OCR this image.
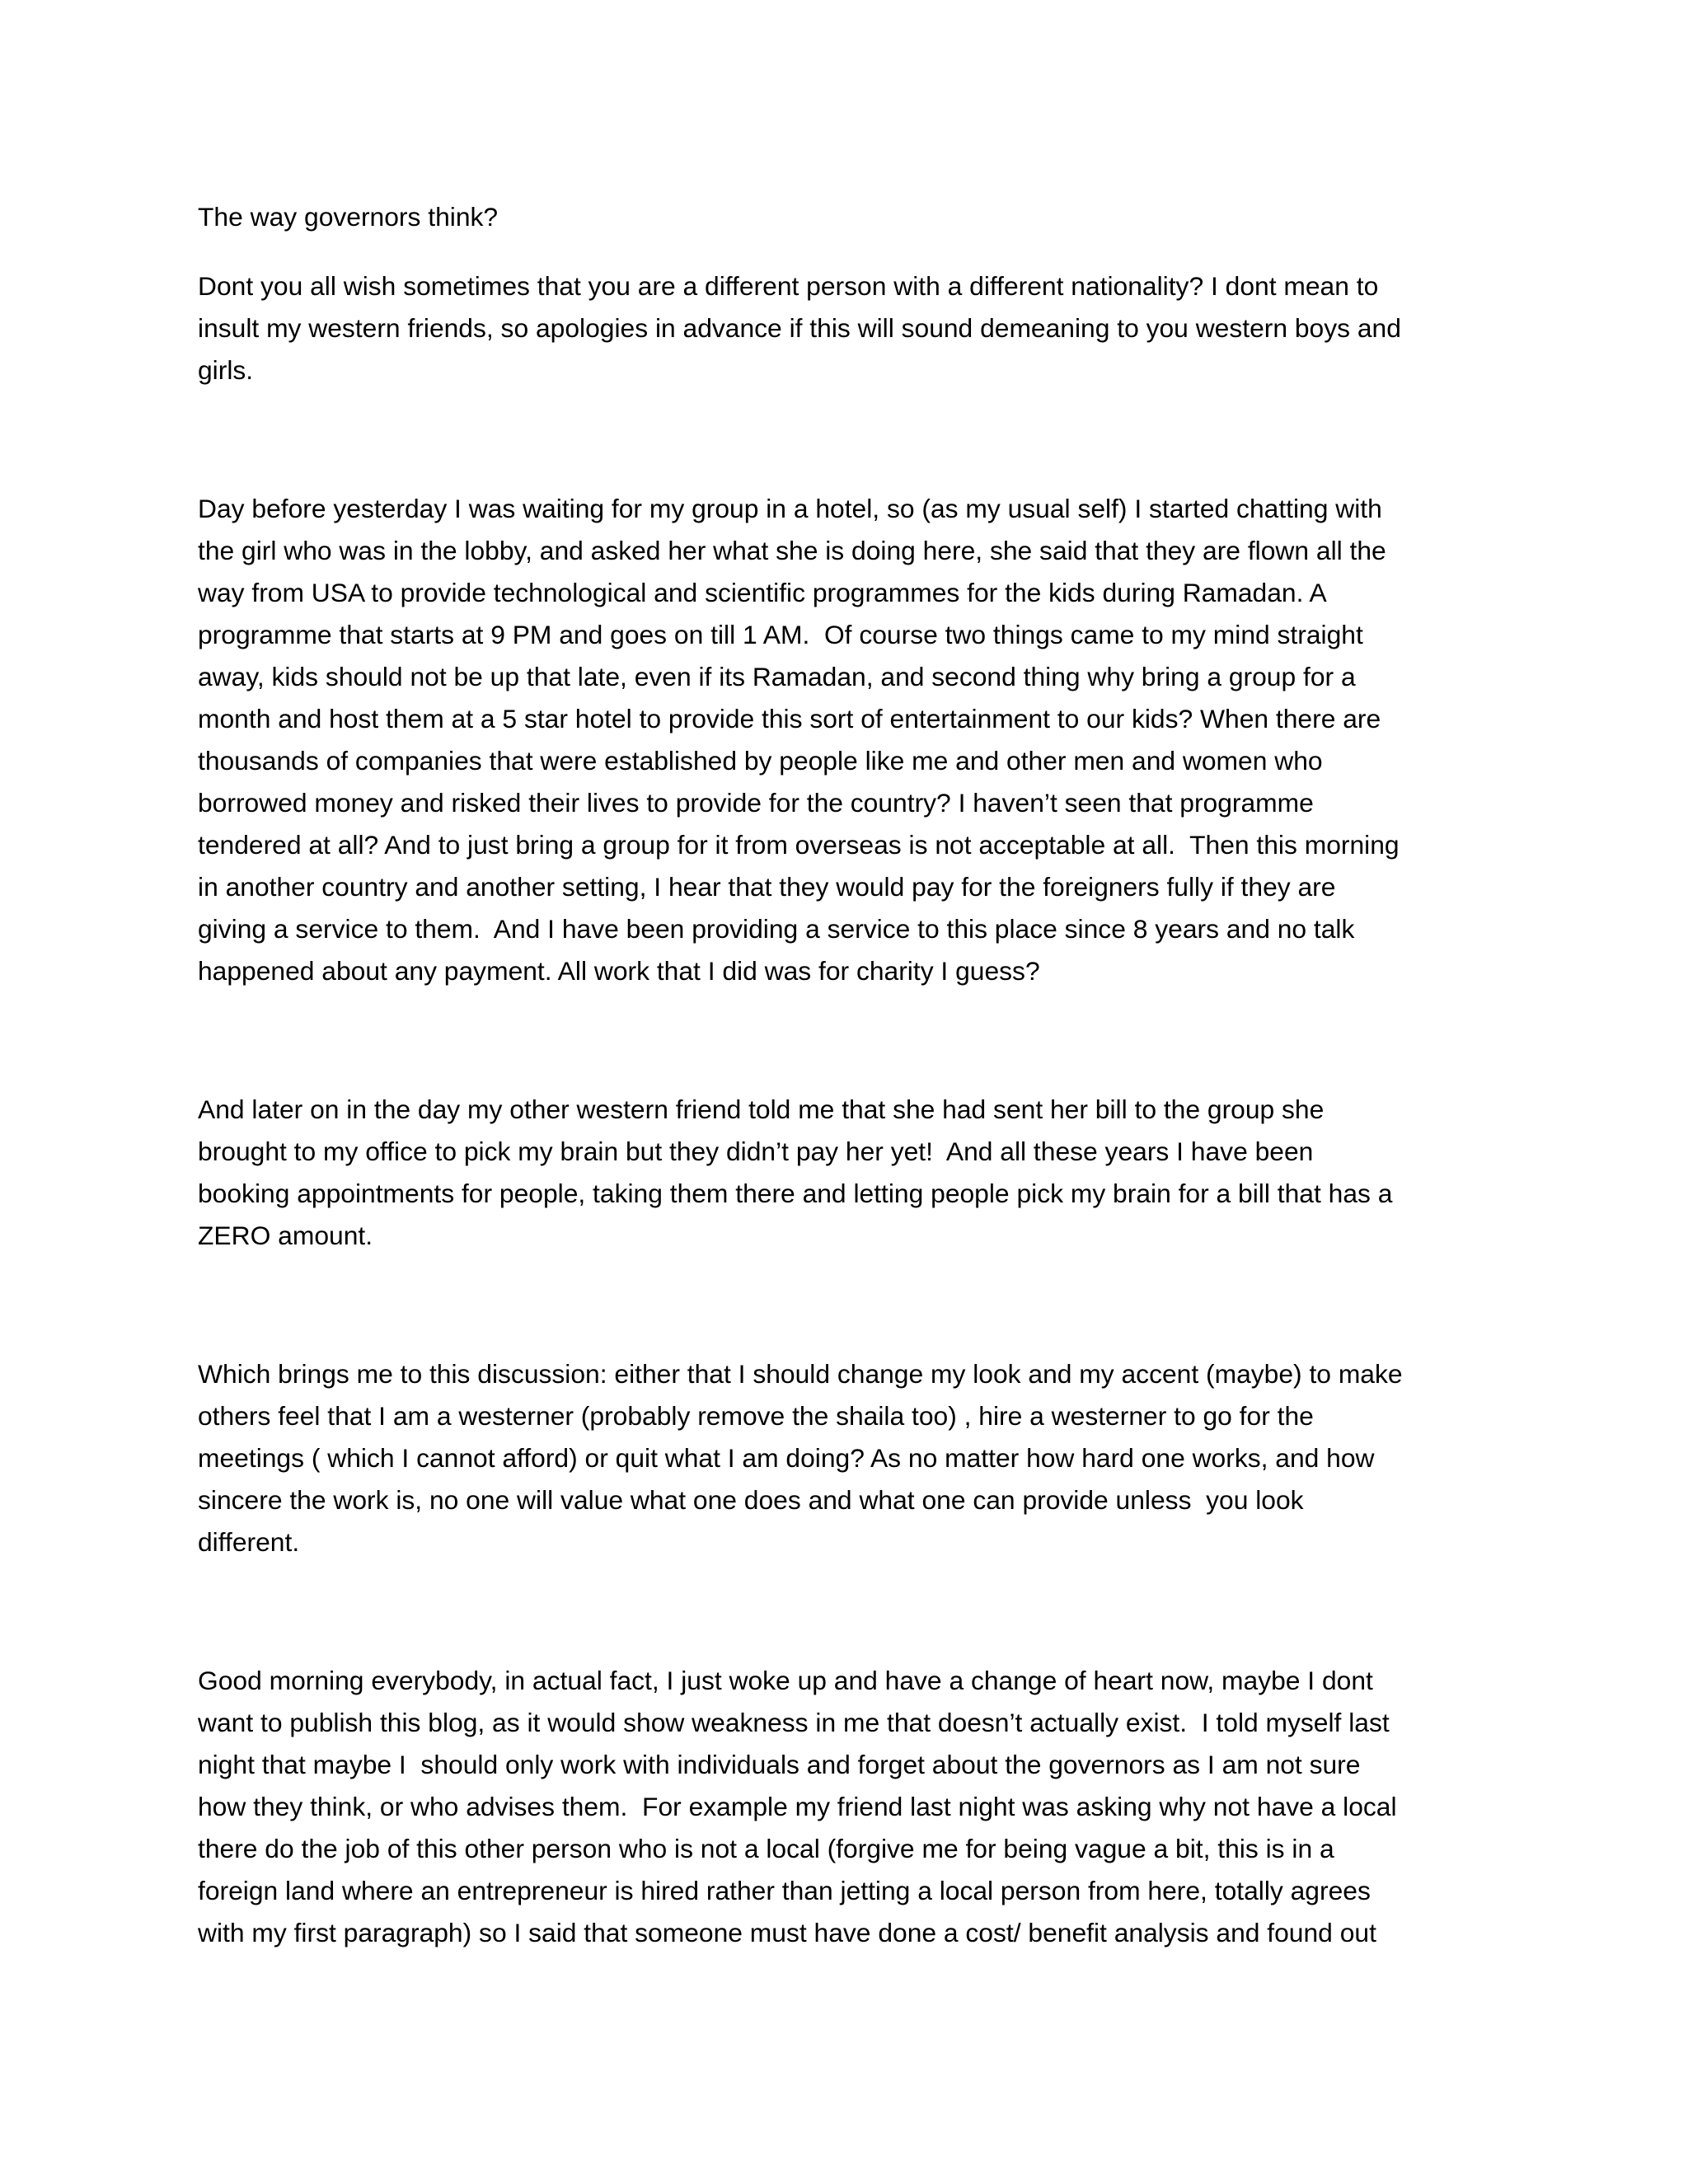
The way governors think?
Dont you all wish sometimes that you are a different person with a different nationality? I dont mean to
insult my western friends, so apologies in advance if this will sound demeaning to you western boys and
girls.
Day before yesterday I was waiting for my group in a hotel, so (as my usual self) I started chatting with
the girl who was in the lobby, and asked her what she is doing here, she said that they are flown all the
way from USA to provide technological and scientific programmes for the kids during Ramadan. A
programme that starts at 9 PM and goes on till 1 AM.  Of course two things came to my mind straight
away, kids should not be up that late, even if its Ramadan, and second thing why bring a group for a
month and host them at a 5 star hotel to provide this sort of entertainment to our kids? When there are
thousands of companies that were established by people like me and other men and women who
borrowed money and risked their lives to provide for the country? I haven’t seen that programme
tendered at all? And to just bring a group for it from overseas is not acceptable at all.  Then this morning
in another country and another setting, I hear that they would pay for the foreigners fully if they are
giving a service to them.  And I have been providing a service to this place since 8 years and no talk
happened about any payment. All work that I did was for charity I guess?
And later on in the day my other western friend told me that she had sent her bill to the group she
brought to my office to pick my brain but they didn’t pay her yet!  And all these years I have been
booking appointments for people, taking them there and letting people pick my brain for a bill that has a
ZERO amount.
Which brings me to this discussion: either that I should change my look and my accent (maybe) to make
others feel that I am a westerner (probably remove the shaila too) , hire a westerner to go for the
meetings ( which I cannot afford) or quit what I am doing? As no matter how hard one works, and how
sincere the work is, no one will value what one does and what one can provide unless  you look
different.
Good morning everybody, in actual fact, I just woke up and have a change of heart now, maybe I dont
want to publish this blog, as it would show weakness in me that doesn’t actually exist.  I told myself last
night that maybe I  should only work with individuals and forget about the governors as I am not sure
how they think, or who advises them.  For example my friend last night was asking why not have a local
there do the job of this other person who is not a local (forgive me for being vague a bit, this is in a
foreign land where an entrepreneur is hired rather than jetting a local person from here, totally agrees
with my first paragraph) so I said that someone must have done a cost/ benefit analysis and found out
